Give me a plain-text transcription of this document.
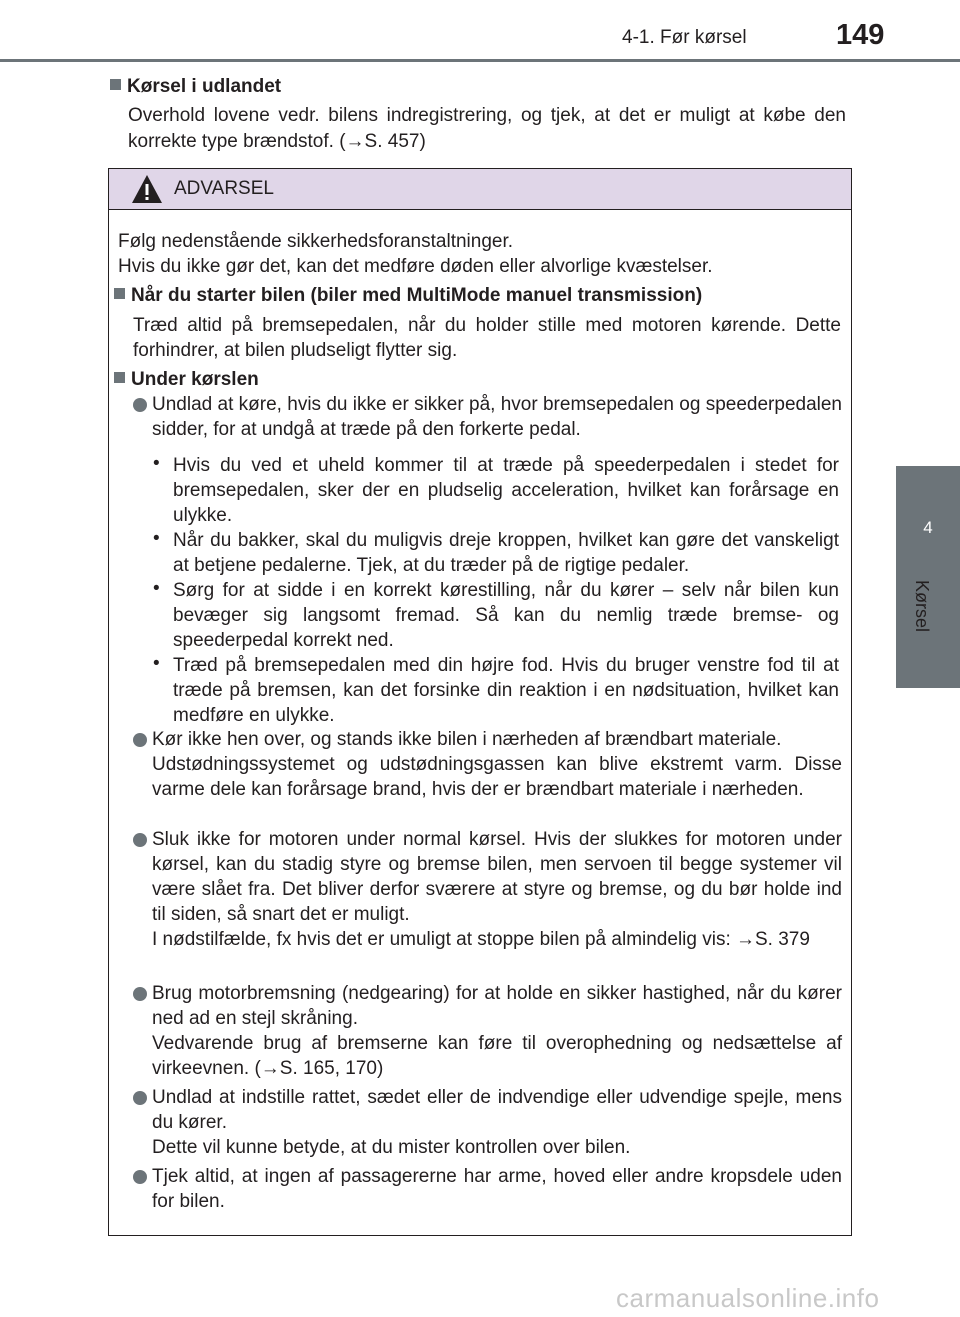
4-1. Før kørsel	149
4
Kørsel
Kørsel i udlandet
Overhold lovene vedr. bilens indregistrering, og tjek, at det er muligt at købe den korrekte type brændstof. (→S. 457)
ADVARSEL
Følg nedenstående sikkerhedsforanstaltninger.
Hvis du ikke gør det, kan det medføre døden eller alvorlige kvæstelser.
Når du starter bilen (biler med MultiMode manuel transmission)
Træd altid på bremsepedalen, når du holder stille med motoren kørende. Dette forhindrer, at bilen pludseligt flytter sig.
Under kørslen
Undlad at køre, hvis du ikke er sikker på, hvor bremsepedalen og speederpedalen sidder, for at undgå at træde på den forkerte pedal.
• Hvis du ved et uheld kommer til at træde på speederpedalen i stedet for bremsepedalen, sker der en pludselig acceleration, hvilket kan forårsage en ulykke.
• Når du bakker, skal du muligvis dreje kroppen, hvilket kan gøre det vanskeligt at betjene pedalerne. Tjek, at du træder på de rigtige pedaler.
• Sørg for at sidde i en korrekt kørestilling, når du kører – selv når bilen kun bevæger sig langsomt fremad. Så kan du nemlig træde bremse- og speederpedal korrekt ned.
• Træd på bremsepedalen med din højre fod. Hvis du bruger venstre fod til at træde på bremsen, kan det forsinke din reaktion i en nødsituation, hvilket kan medføre en ulykke.
Kør ikke hen over, og stands ikke bilen i nærheden af brændbart materiale.
Udstødningssystemet og udstødningsgassen kan blive ekstremt varm. Disse varme dele kan forårsage brand, hvis der er brændbart materiale i nærheden.
Sluk ikke for motoren under normal kørsel. Hvis der slukkes for motoren under kørsel, kan du stadig styre og bremse bilen, men servoen til begge systemer vil være slået fra. Det bliver derfor sværere at styre og bremse, og du bør holde ind til siden, så snart det er muligt.
I nødstilfælde, fx hvis det er umuligt at stoppe bilen på almindelig vis: →S. 379
Brug motorbremsning (nedgearing) for at holde en sikker hastighed, når du kører ned ad en stejl skråning.
Vedvarende brug af bremserne kan føre til overophedning og nedsættelse af virkeevnen. (→S. 165, 170)
Undlad at indstille rattet, sædet eller de indvendige eller udvendige spejle, mens du kører.
Dette vil kunne betyde, at du mister kontrollen over bilen.
Tjek altid, at ingen af passagererne har arme, hoved eller andre kropsdele uden for bilen.
carmanualsonline.info
